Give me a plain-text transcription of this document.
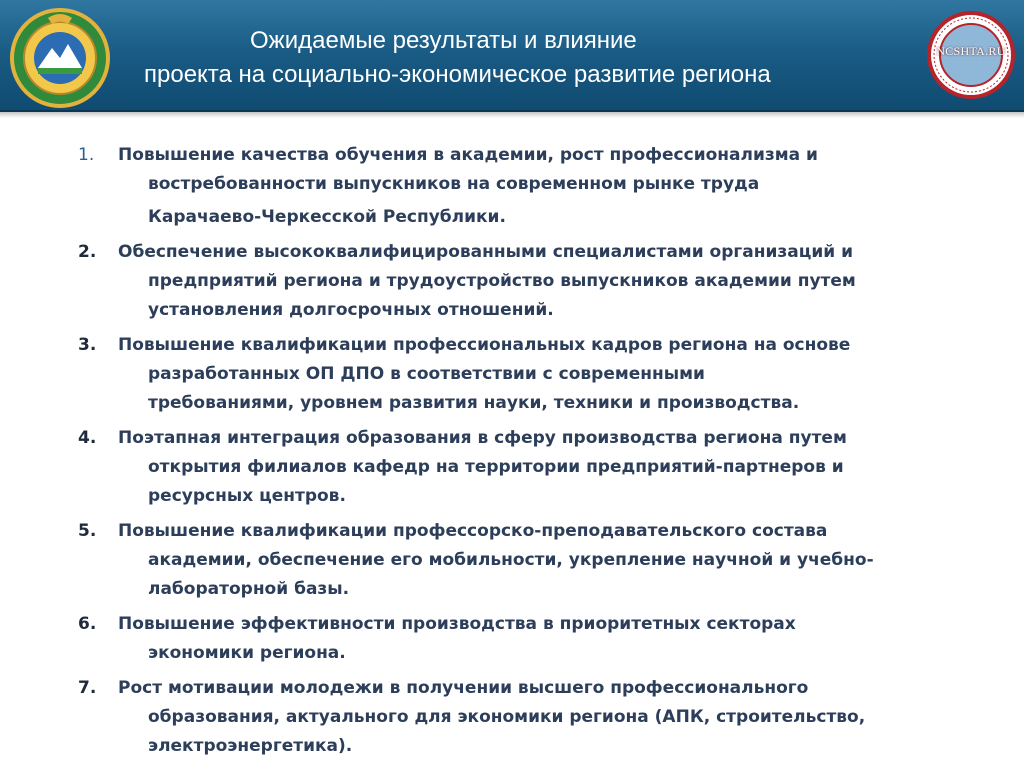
Ожидаемые результаты и влияние
проекта на социально-экономическое развитие региона
NCSHTA.RU
1.	Повышение качества обучения в академии, рост профессионализма и
востребованности выпускников на современном рынке труда
Карачаево-Черкесской Республики.
2.	Обеспечение высококвалифицированными специалистами организаций и
предприятий региона и трудоустройство выпускников академии путем
установления долгосрочных отношений.
3.	Повышение квалификации профессиональных кадров региона на основе
разработанных ОП ДПО в соответствии с современными
требованиями, уровнем развития науки, техники и производства.
4.	Поэтапная интеграция образования в сферу производства региона путем
открытия филиалов кафедр на территории предприятий-партнеров и
ресурсных центров.
5.	Повышение квалификации профессорско-преподавательского состава
академии, обеспечение его мобильности, укрепление научной и учебно-
лабораторной базы.
6.	Повышение эффективности производства в приоритетных секторах
экономики региона.
7.	Рост мотивации молодежи в получении высшего профессионального
образования, актуального для экономики региона (АПК, строительство,
электроэнергетика).
